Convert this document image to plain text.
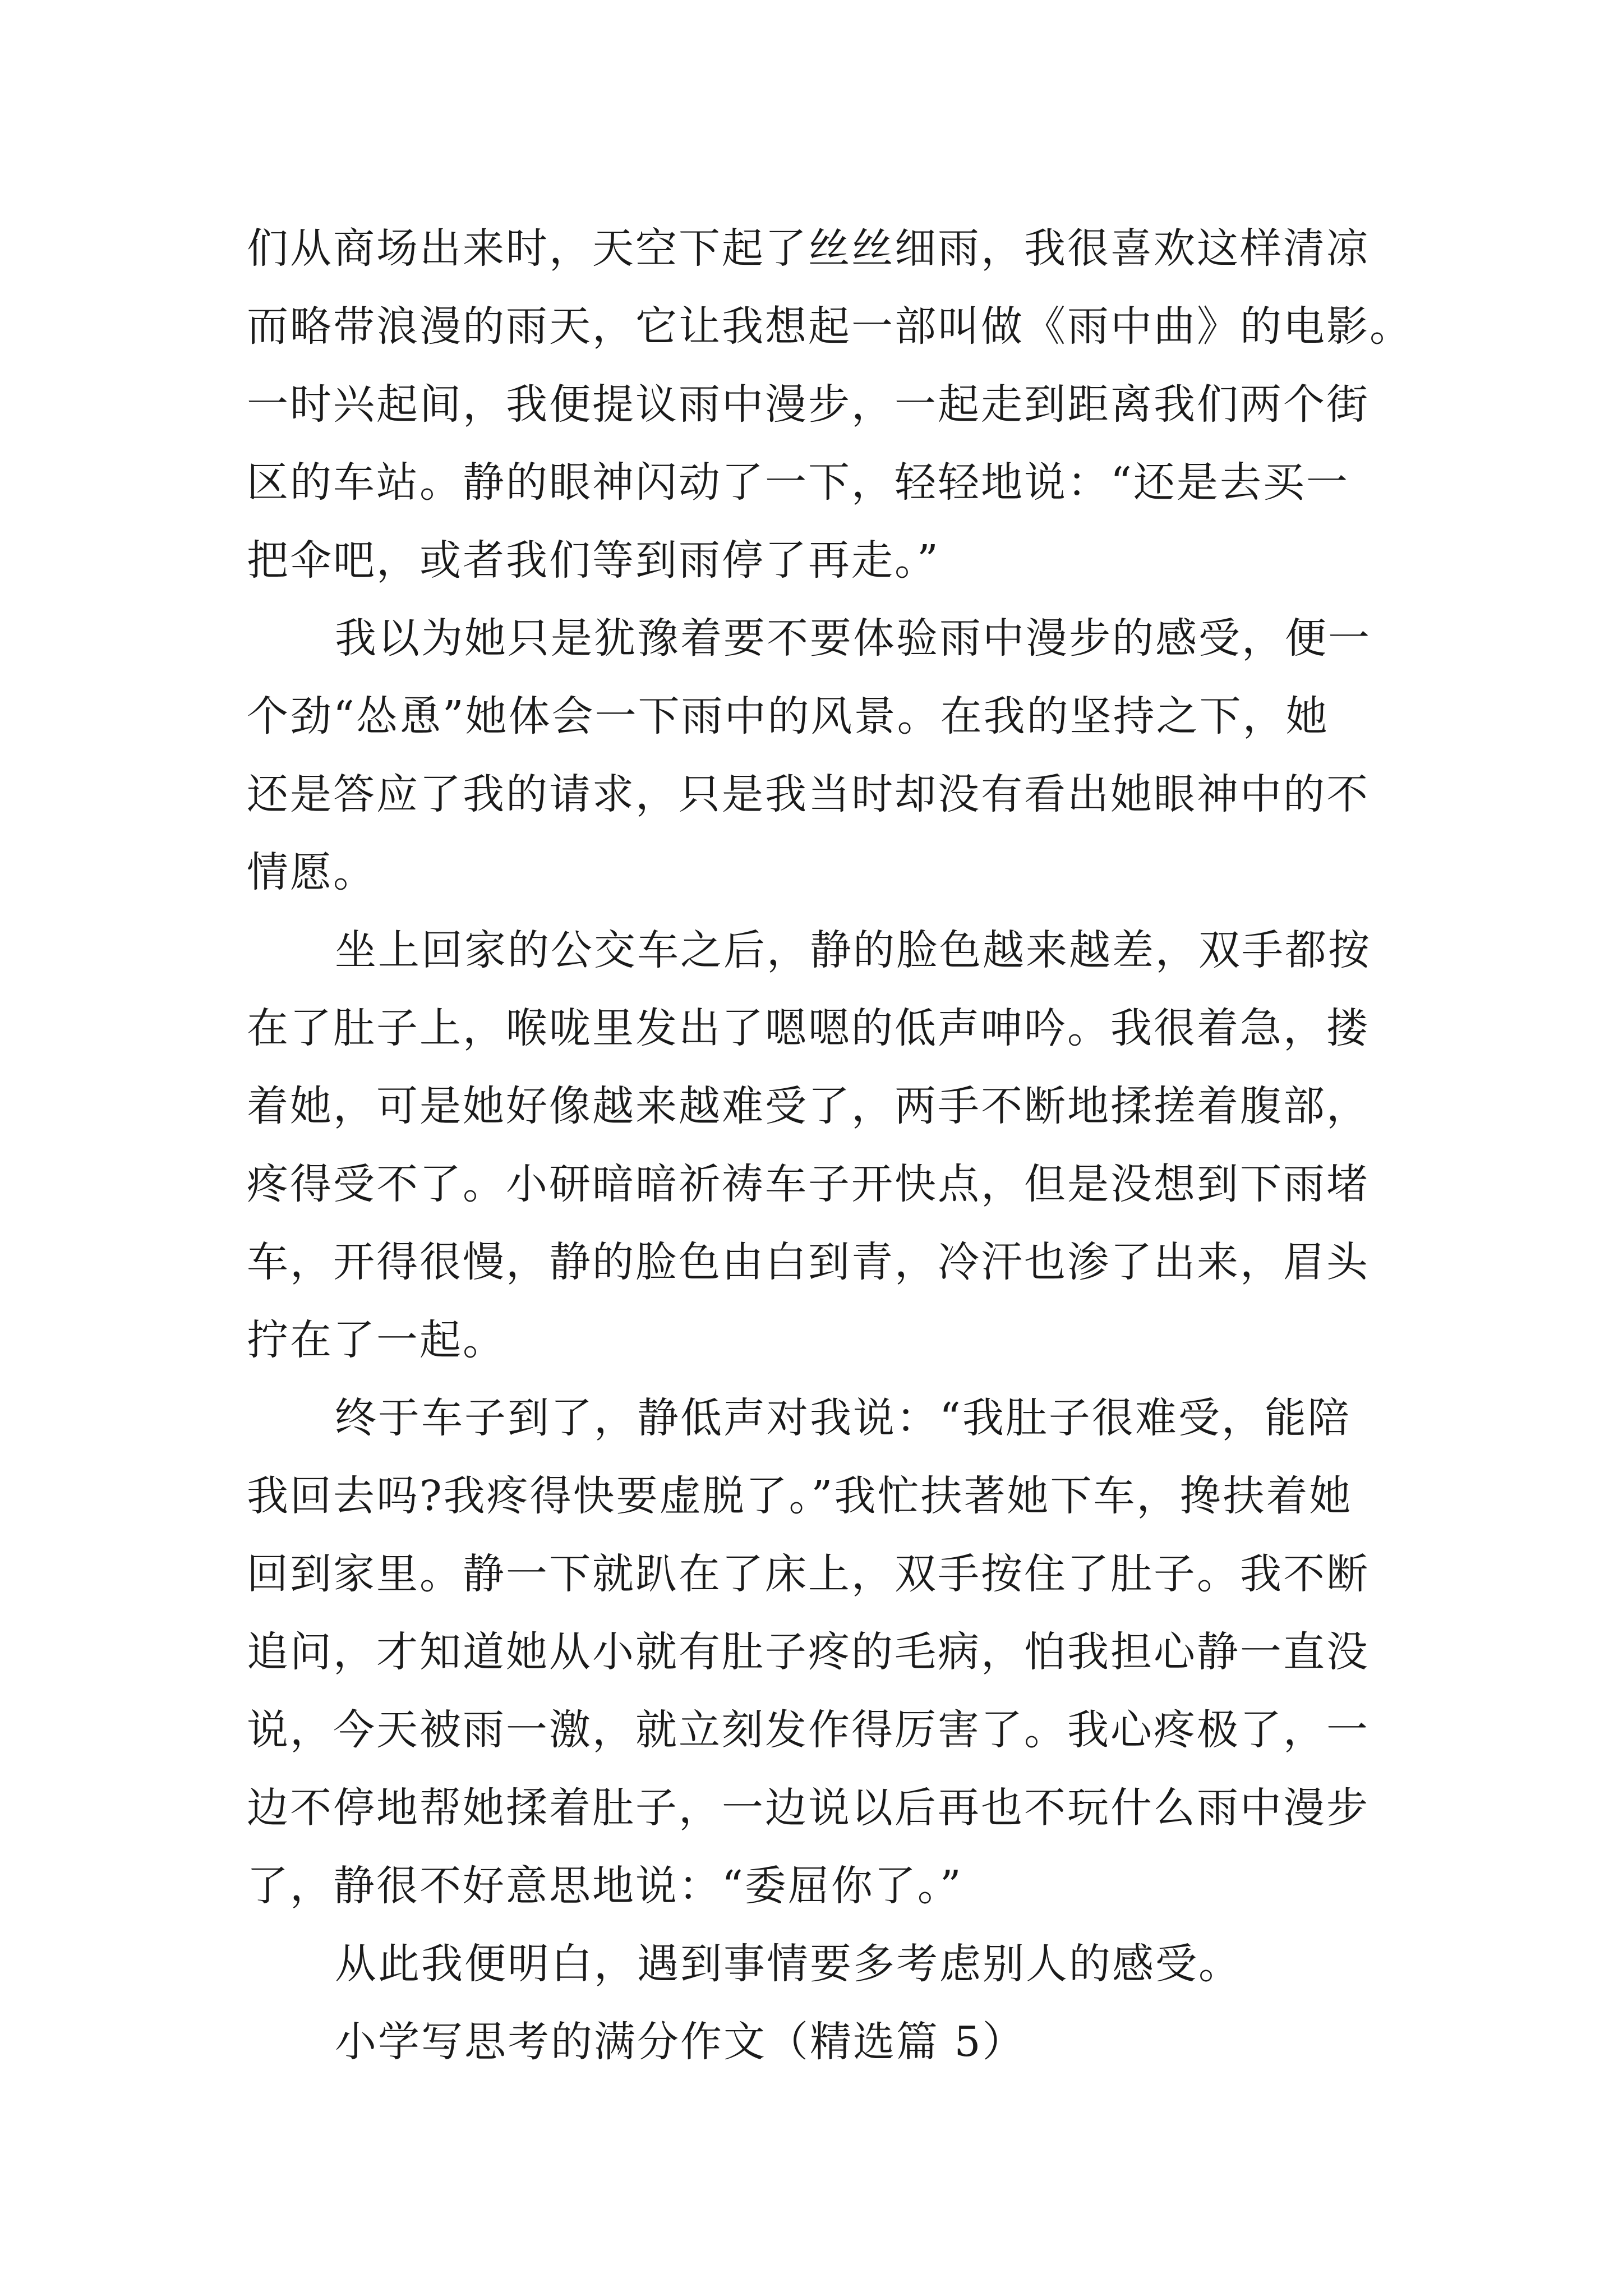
们从商场出来时，天空下起了丝丝细雨，我很喜欢这样清凉
而略带浪漫的雨天，它让我想起一部叫做《雨中曲》的电影。
一时兴起间，我便提议雨中漫步，一起走到距离我们两个街
区的车站。静的眼神闪动了一下，轻轻地说：“还是去买一
把伞吧，或者我们等到雨停了再走。”
我以为她只是犹豫着要不要体验雨中漫步的感受，便一
个劲“怂恿”她体会一下雨中的风景。在我的坚持之下，她
还是答应了我的请求，只是我当时却没有看出她眼神中的不
情愿。
坐上回家的公交车之后，静的脸色越来越差，双手都按
在了肚子上，喉咙里发出了嗯嗯的低声呻吟。我很着急，搂
着她，可是她好像越来越难受了，两手不断地揉搓着腹部，
疼得受不了。小研暗暗祈祷车子开快点，但是没想到下雨堵
车，开得很慢，静的脸色由白到青，冷汗也渗了出来，眉头
拧在了一起。
终于车子到了，静低声对我说：“我肚子很难受，能陪
我回去吗?我疼得快要虚脱了。”我忙扶著她下车，搀扶着她
回到家里。静一下就趴在了床上，双手按住了肚子。我不断
追问，才知道她从小就有肚子疼的毛病，怕我担心静一直没
说，今天被雨一激，就立刻发作得厉害了。我心疼极了，一
边不停地帮她揉着肚子，一边说以后再也不玩什么雨中漫步
了，静很不好意思地说：“委屈你了。”
从此我便明白，遇到事情要多考虑别人的感受。
小学写思考的满分作文（精选篇 5）
